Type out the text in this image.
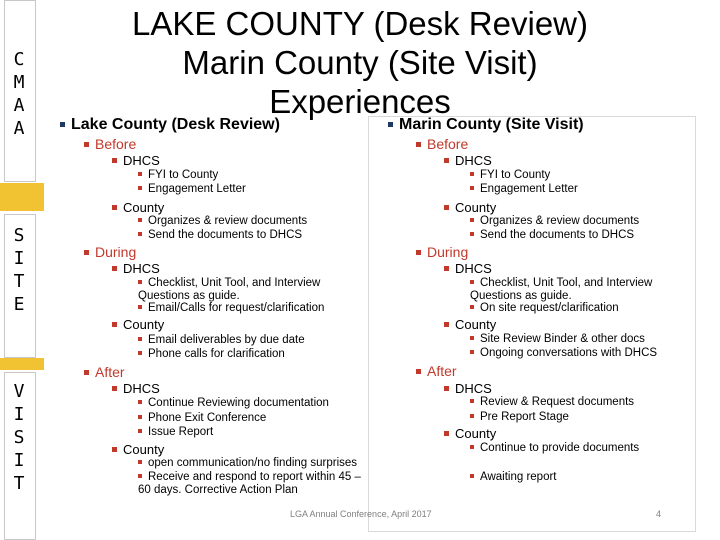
C
M
A
A
S
I
T
E
V
I
S
I
T
LAKE COUNTY (Desk Review)
Marin County (Site Visit)
Experiences
Lake County (Desk Review)
Before
DHCS
FYI to County
Engagement Letter
County
Organizes & review documents
Send the documents to DHCS
During
DHCS
Checklist, Unit Tool, and Interview Questions as guide.
Email/Calls for request/clarification
County
Email deliverables by due date
Phone calls for clarification
After
DHCS
Continue Reviewing documentation
Phone Exit Conference
Issue Report
County
open communication/no finding surprises
Receive and respond to report within 45 – 60 days. Corrective Action Plan
Marin County (Site Visit)
Before
DHCS
FYI to County
Engagement Letter
County
Organizes & review documents
Send the documents to DHCS
During
DHCS
Checklist, Unit Tool, and Interview Questions as guide.
On site request/clarification
County
Site Review Binder & other docs
Ongoing conversations with DHCS
After
DHCS
Review & Request documents
Pre Report Stage
County
Continue to provide documents
Awaiting report
LGA Annual Conference, April 2017	4
